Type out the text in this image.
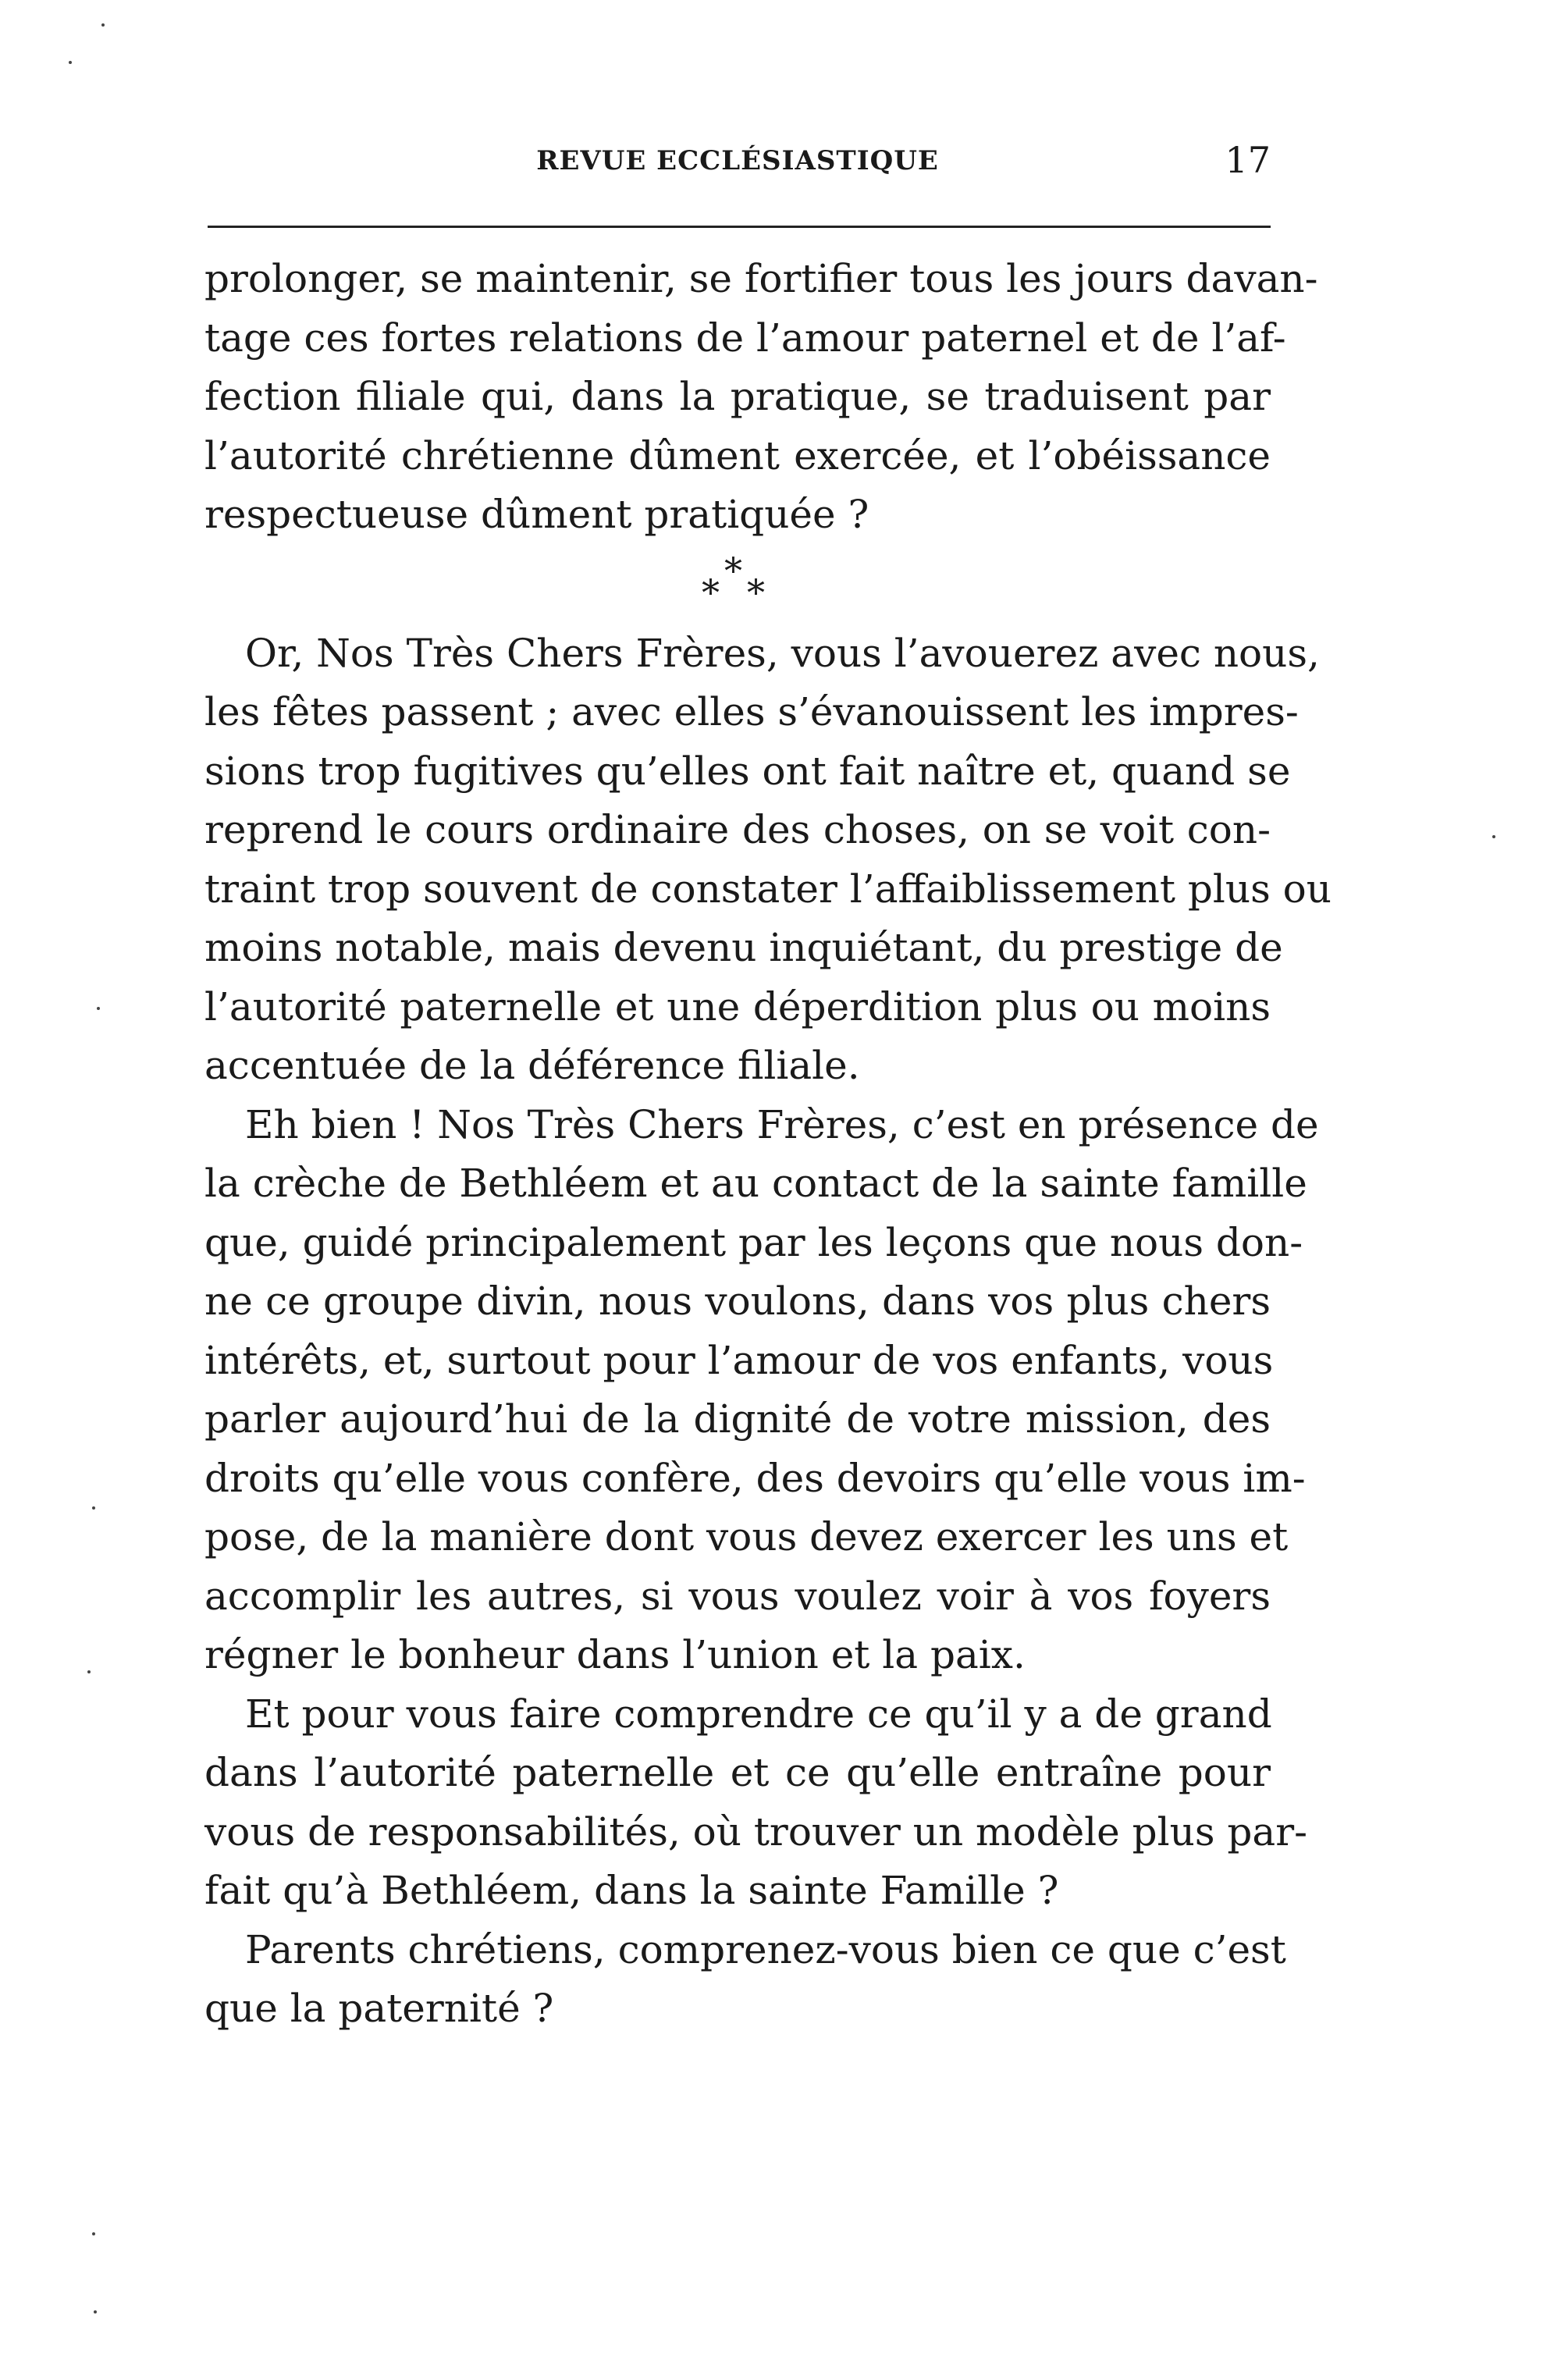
REVUE ECCLÉSIASTIQUE	17
prolonger, se maintenir, se fortifier tous les jours davan-
tage ces fortes relations de l’amour paternel et de l’af-
fection filiale qui, dans la pratique, se traduisent par
l’autorité chrétienne dûment exercée, et l’obéissance
respectueuse dûment pratiquée ?
*
* *
Or, Nos Très Chers Frères, vous l’avouerez avec nous,
les fêtes passent ; avec elles s’évanouissent les impres-
sions trop fugitives qu’elles ont fait naître et, quand se
reprend le cours ordinaire des choses, on se voit con-
traint trop souvent de constater l’affaiblissement plus ou
moins notable, mais devenu inquiétant, du prestige de
l’autorité paternelle et une déperdition plus ou moins
accentuée de la déférence filiale.
Eh bien ! Nos Très Chers Frères, c’est en présence de
la crèche de Bethléem et au contact de la sainte famille
que, guidé principalement par les leçons que nous don-
ne ce groupe divin, nous voulons, dans vos plus chers
intérêts, et, surtout pour l’amour de vos enfants, vous
parler aujourd’hui de la dignité de votre mission, des
droits qu’elle vous confère, des devoirs qu’elle vous im-
pose, de la manière dont vous devez exercer les uns et
accomplir les autres, si vous voulez voir à vos foyers
régner le bonheur dans l’union et la paix.
Et pour vous faire comprendre ce qu’il y a de grand
dans l’autorité paternelle et ce qu’elle entraîne pour
vous de responsabilités, où trouver un modèle plus par-
fait qu’à Bethléem, dans la sainte Famille ?
Parents chrétiens, comprenez-vous bien ce que c’est
que la paternité ?
